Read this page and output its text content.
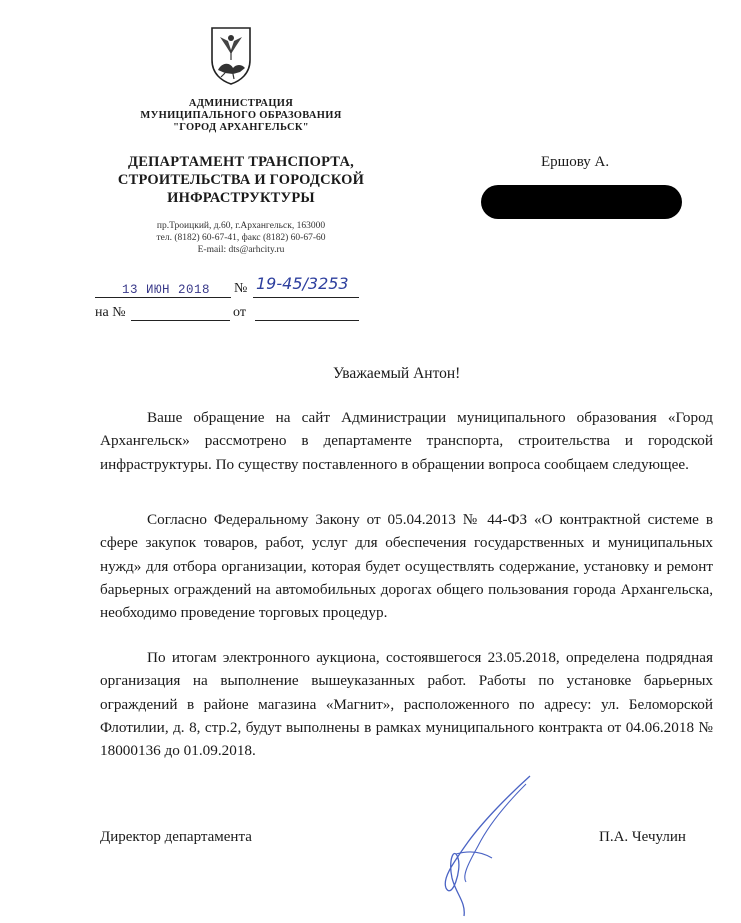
АДМИНИСТРАЦИЯ
МУНИЦИПАЛЬНОГО ОБРАЗОВАНИЯ
"ГОРОД АРХАНГЕЛЬСК"
ДЕПАРТАМЕНТ ТРАНСПОРТА,
СТРОИТЕЛЬСТВА И ГОРОДСКОЙ
ИНФРАСТРУКТУРЫ
пр.Троицкий, д.60, г.Архангельск, 163000
тел. (8182) 60-67-41, факс (8182) 60-67-60
E-mail: dts@arhcity.ru
Ершову А.
13 ИЮН 2018 № 19-45/3253
на №	от
Уважаемый Антон!

Ваше обращение на сайт Администрации муниципального образования «Город Архангельск» рассмотрено в департаменте транспорта, строительства и городской инфраструктуры. По существу поставленного в обращении вопроса сообщаем следующее.

Согласно Федеральному Закону от 05.04.2013 № 44-ФЗ «О контрактной системе в сфере закупок товаров, работ, услуг для обеспечения государственных и муниципальных нужд» для отбора организации, которая будет осуществлять содержание, установку и ремонт барьерных ограждений на автомобильных дорогах общего пользования города Архангельска, необходимо проведение торговых процедур.

По итогам электронного аукциона, состоявшегося 23.05.2018, определена подрядная организация на выполнение вышеуказанных работ. Работы по установке барьерных ограждений в районе магазина «Магнит», расположенного по адресу: ул. Беломорской Флотилии, д. 8, стр.2, будут выполнены в рамках муниципального контракта от 04.06.2018 № 18000136 до 01.09.2018.

Директор департамента	П.А. Чечулин
